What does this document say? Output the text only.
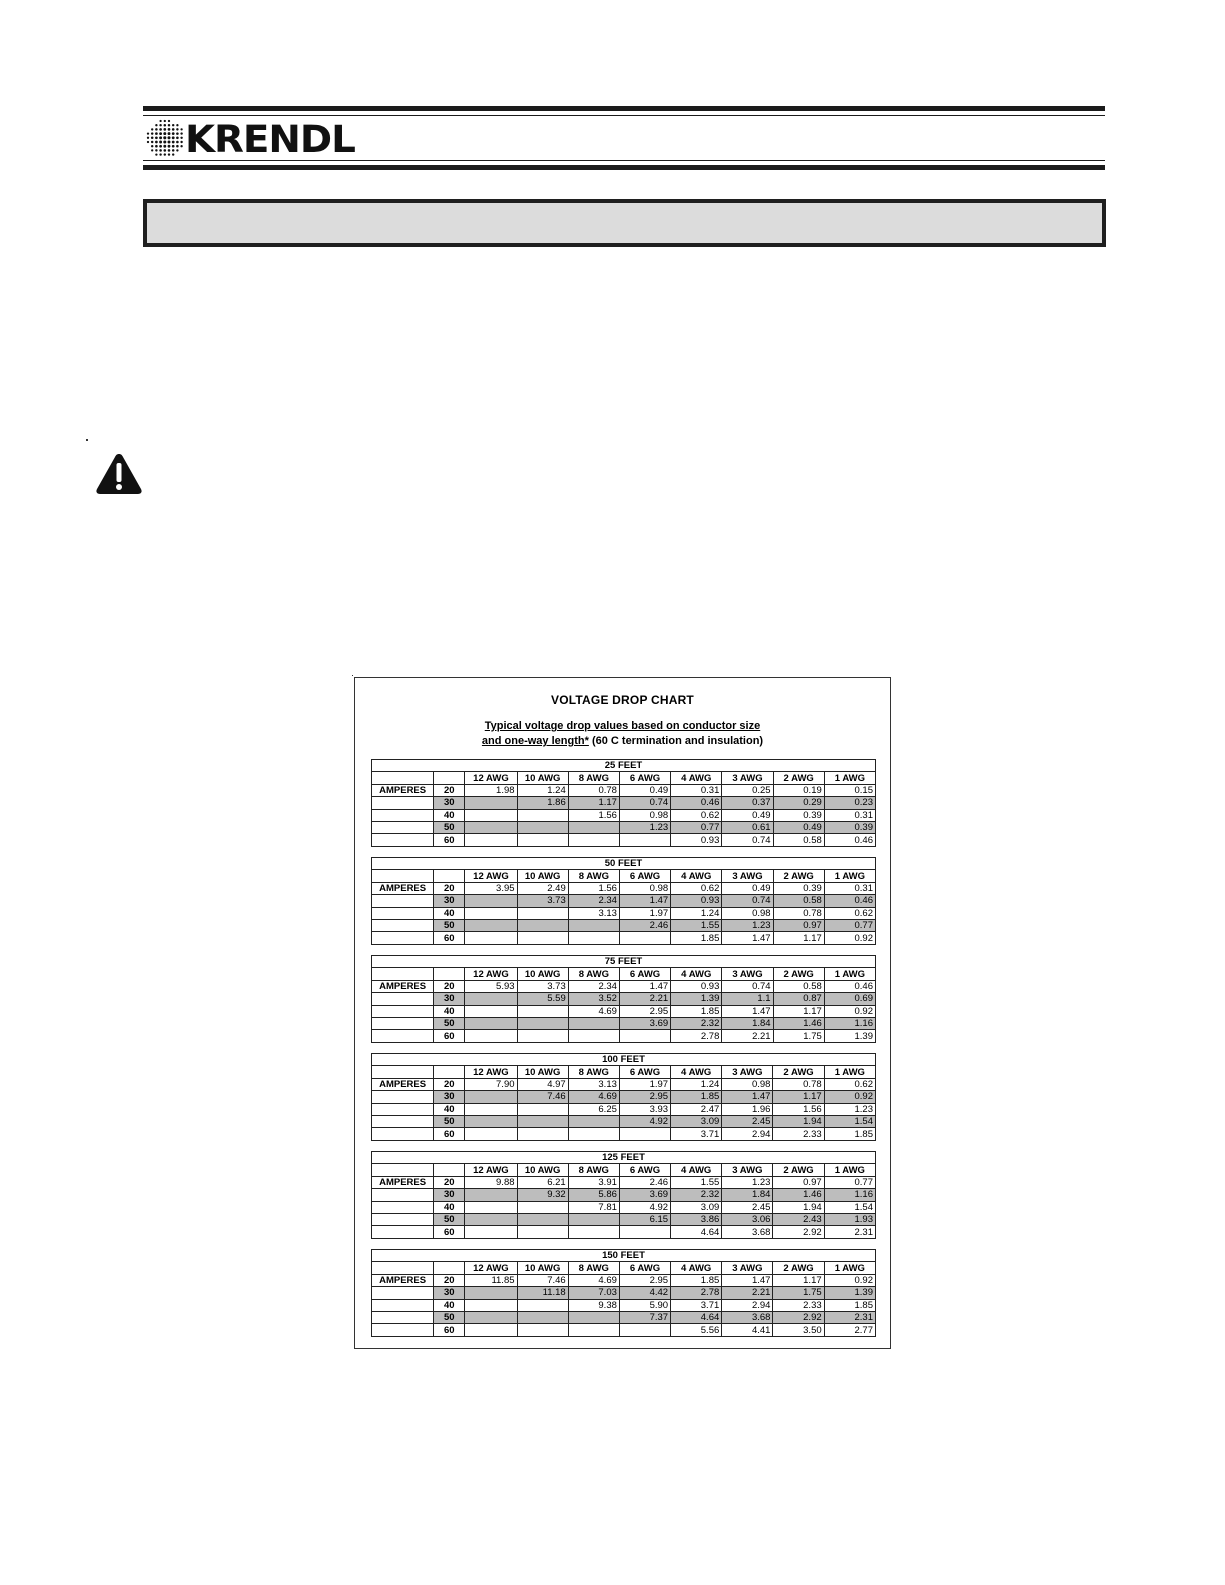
KRENDL
VOLTAGE DROP CHART
Typical voltage drop values based on conductor size
and one-way length* (60 C termination and insulation)
25 FEET									
		12 AWG	10 AWG	8 AWG	6 AWG	4 AWG	3 AWG	2 AWG	1 AWG
AMPERES	20	1.98	1.24	0.78	0.49	0.31	0.25	0.19	0.15
	30		1.86	1.17	0.74	0.46	0.37	0.29	0.23
	40			1.56	0.98	0.62	0.49	0.39	0.31
	50				1.23	0.77	0.61	0.49	0.39
	60					0.93	0.74	0.58	0.46
50 FEET									
		12 AWG	10 AWG	8 AWG	6 AWG	4 AWG	3 AWG	2 AWG	1 AWG
AMPERES	20	3.95	2.49	1.56	0.98	0.62	0.49	0.39	0.31
	30		3.73	2.34	1.47	0.93	0.74	0.58	0.46
	40			3.13	1.97	1.24	0.98	0.78	0.62
	50				2.46	1.55	1.23	0.97	0.77
	60					1.85	1.47	1.17	0.92
75 FEET									
		12 AWG	10 AWG	8 AWG	6 AWG	4 AWG	3 AWG	2 AWG	1 AWG
AMPERES	20	5.93	3.73	2.34	1.47	0.93	0.74	0.58	0.46
	30		5.59	3.52	2.21	1.39	1.1	0.87	0.69
	40			4.69	2.95	1.85	1.47	1.17	0.92
	50				3.69	2.32	1.84	1.46	1.16
	60					2.78	2.21	1.75	1.39
100 FEET									
		12 AWG	10 AWG	8 AWG	6 AWG	4 AWG	3 AWG	2 AWG	1 AWG
AMPERES	20	7.90	4.97	3.13	1.97	1.24	0.98	0.78	0.62
	30		7.46	4.69	2.95	1.85	1.47	1.17	0.92
	40			6.25	3.93	2.47	1.96	1.56	1.23
	50				4.92	3.09	2.45	1.94	1.54
	60					3.71	2.94	2.33	1.85
125 FEET									
		12 AWG	10 AWG	8 AWG	6 AWG	4 AWG	3 AWG	2 AWG	1 AWG
AMPERES	20	9.88	6.21	3.91	2.46	1.55	1.23	0.97	0.77
	30		9.32	5.86	3.69	2.32	1.84	1.46	1.16
	40			7.81	4.92	3.09	2.45	1.94	1.54
	50				6.15	3.86	3.06	2.43	1.93
	60					4.64	3.68	2.92	2.31
150 FEET									
		12 AWG	10 AWG	8 AWG	6 AWG	4 AWG	3 AWG	2 AWG	1 AWG
AMPERES	20	11.85	7.46	4.69	2.95	1.85	1.47	1.17	0.92
	30		11.18	7.03	4.42	2.78	2.21	1.75	1.39
	40			9.38	5.90	3.71	2.94	2.33	1.85
	50				7.37	4.64	3.68	2.92	2.31
	60					5.56	4.41	3.50	2.77
